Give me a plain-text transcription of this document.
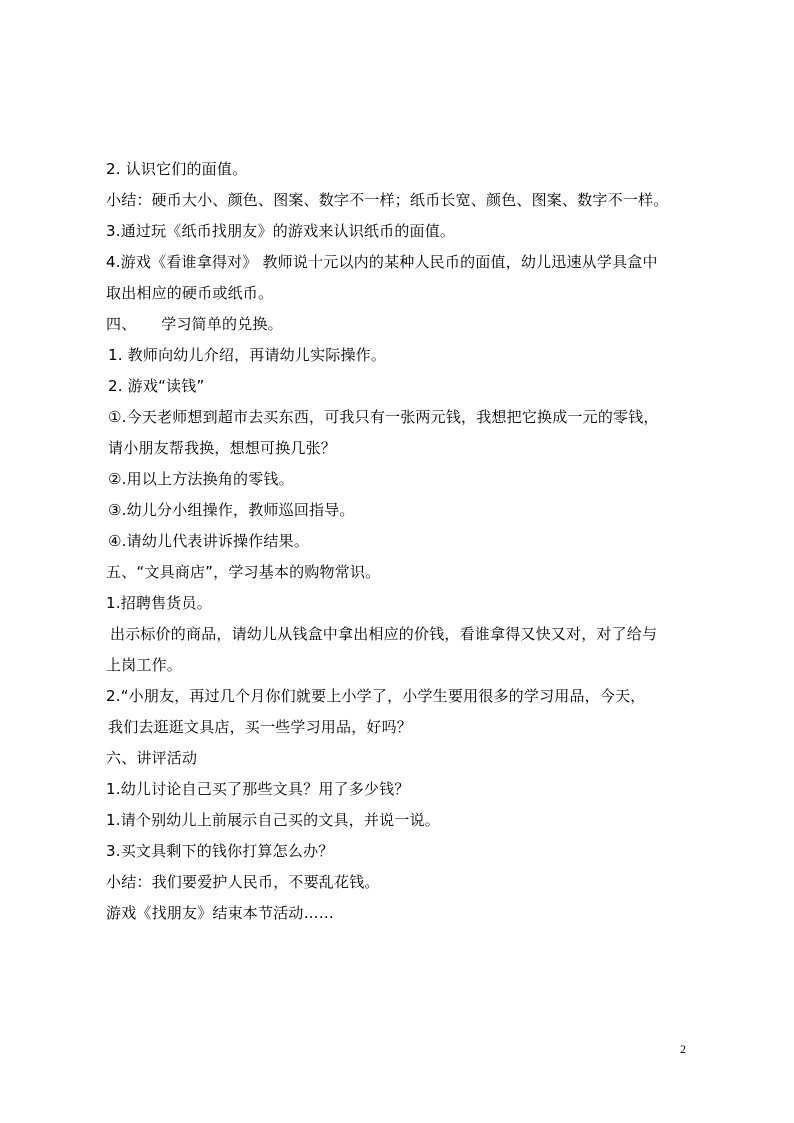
2. 认识它们的面值。
小结：硬币大小、颜色、图案、数字不一样；纸币长宽、颜色、图案、数字不一样。
3.通过玩《纸币找朋友》的游戏来认识纸币的面值。
4.游戏《看谁拿得对》 教师说十元以内的某种人民币的面值，幼儿迅速从学具盒中
取出相应的硬币或纸币。
四、     学习简单的兑换。
1. 教师向幼儿介绍，再请幼儿实际操作。
2. 游戏“读钱”
①.今天老师想到超市去买东西，可我只有一张两元钱，我想把它换成一元的零钱，
请小朋友帮我换，想想可换几张？
②.用以上方法换角的零钱。
③.幼儿分小组操作，教师巡回指导。
④.请幼儿代表讲诉操作结果。
五、“文具商店”，学习基本的购物常识。
1.招聘售货员。
出示标价的商品，请幼儿从钱盒中拿出相应的价钱，看谁拿得又快又对，对了给与
上岗工作。
2.“小朋友，再过几个月你们就要上小学了，小学生要用很多的学习用品，今天，
我们去逛逛文具店，买一些学习用品，好吗？
六、讲评活动
1.幼儿讨论自己买了那些文具？用了多少钱？
1.请个别幼儿上前展示自己买的文具，并说一说。
3.买文具剩下的钱你打算怎么办？
小结：我们要爱护人民币，不要乱花钱。
游戏《找朋友》结束本节活动……
2
